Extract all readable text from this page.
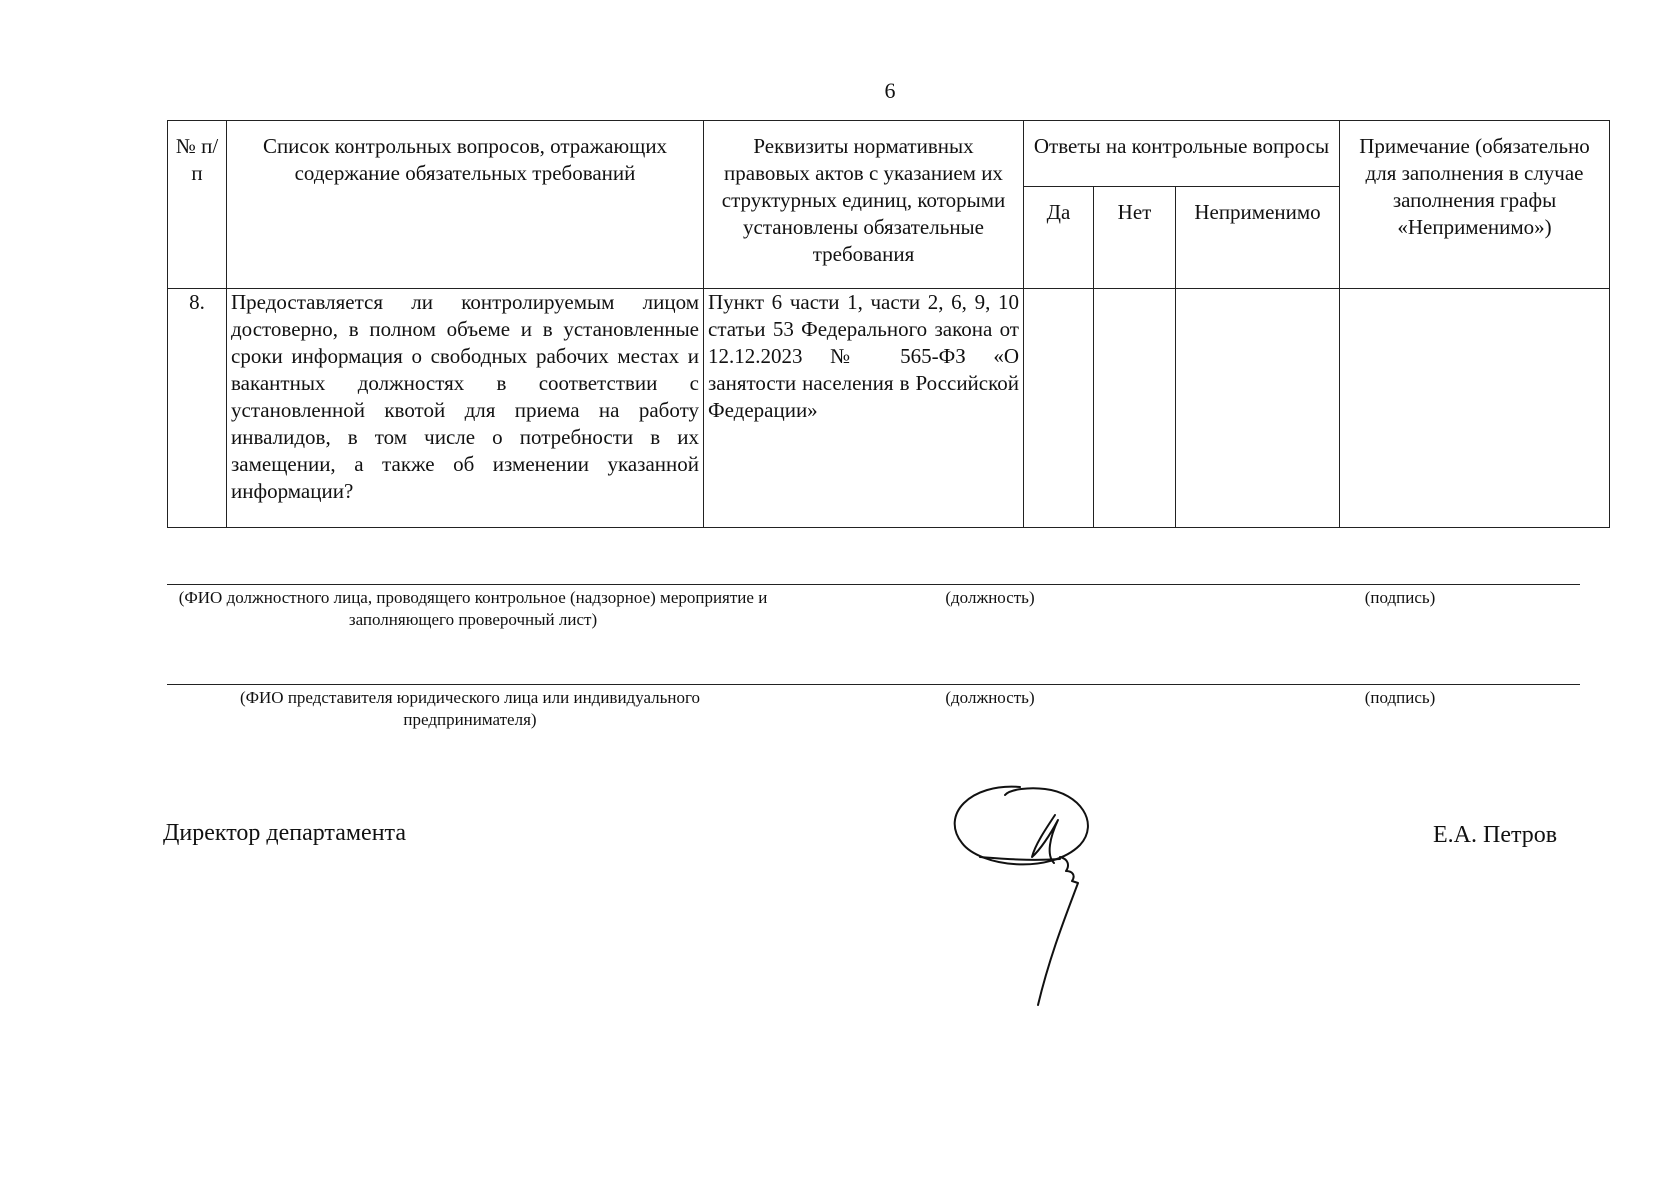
6
№ п/п	Список контрольных вопросов, отражающих содержание обязательных требований	Реквизиты нормативных правовых актов с указанием их структурных единиц, которыми установлены обязательные требования	Ответы на контрольные вопросы			Примечание (обязательно для заполнения в случае заполнения графы «Неприменимо»)
			Да	Нет	Неприменимо	
8.	Предоставляется ли контролируемым лицом достоверно, в полном объеме и в установленные сроки информация о свободных рабочих местах и вакантных должностях в соответствии с установленной квотой для приема на работу инвалидов, в том числе о потребности в их замещении, а также об изменении указанной информации?	Пункт 6 части 1, части 2, 6, 9, 10 статьи 53 Федерального закона от 12.12.2023 № 565-ФЗ «О занятости населения в Российской Федерации»				
(ФИО должностного лица, проводящего контрольное (надзорное) мероприятие и заполняющего проверочный лист)
(должность)	(подпись)
(ФИО представителя юридического лица или индивидуального предпринимателя)
(должность)	(подпись)
Директор департамента	Е.А. Петров
